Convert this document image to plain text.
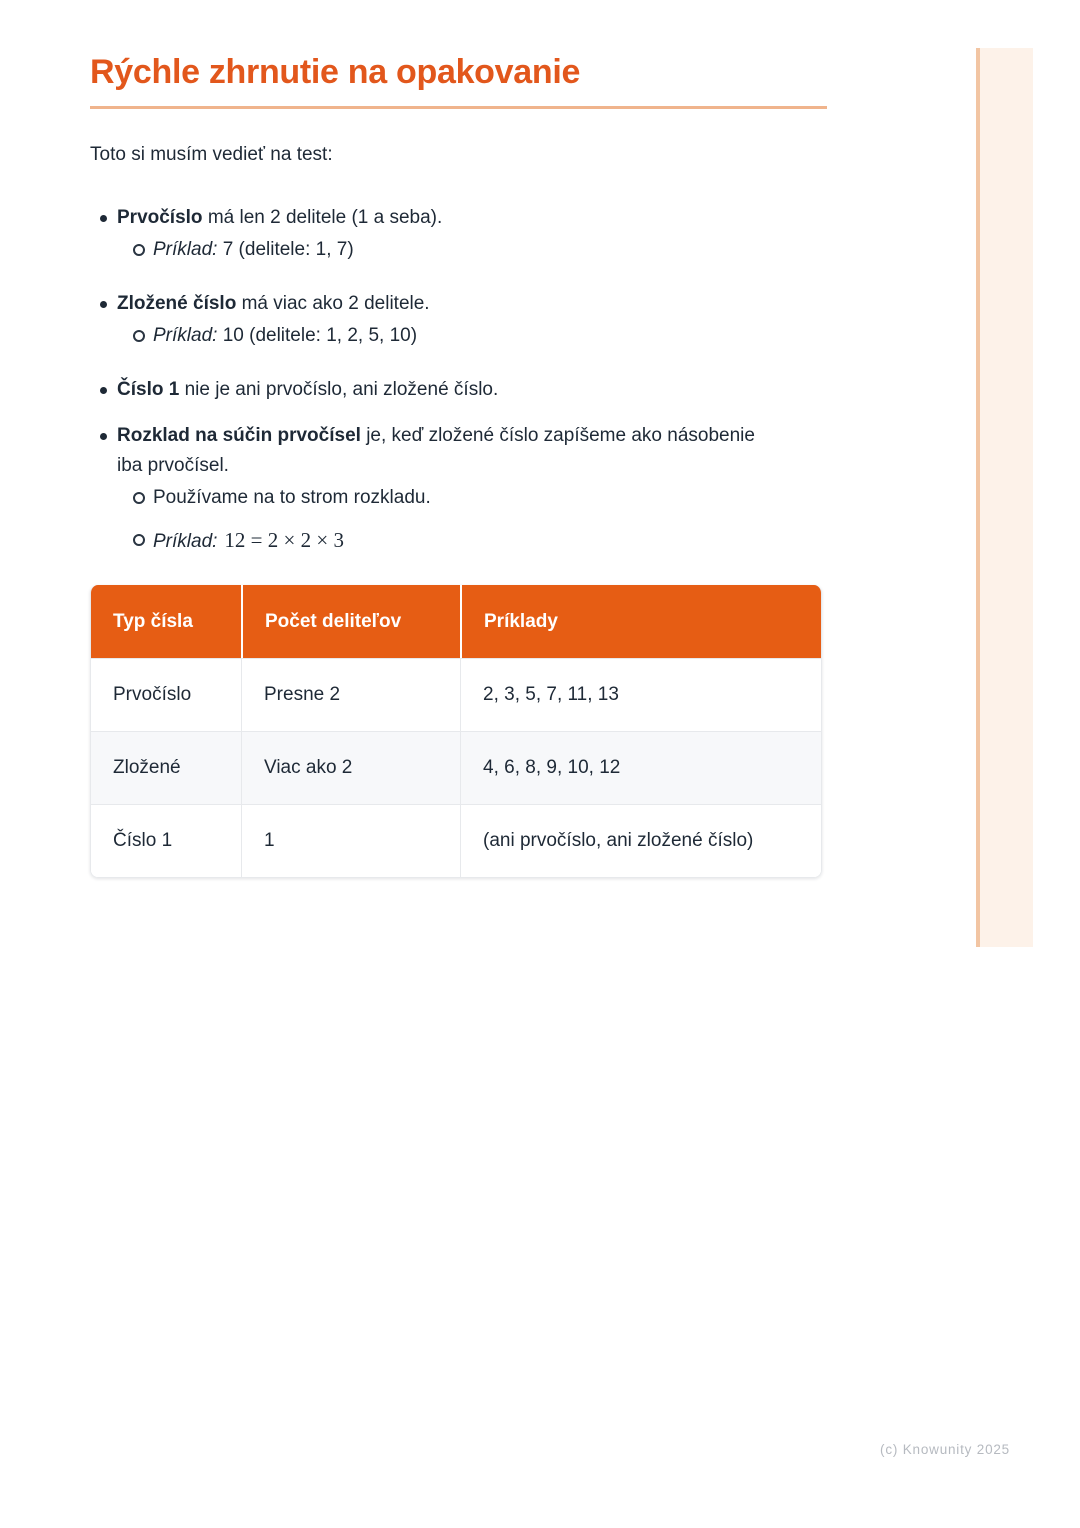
Rýchle zhrnutie na opakovanie

Toto si musím vedieť na test:

Prvočíslo má len 2 delitele (1 a seba).
Príklad: 7 (delitele: 1, 7)
Zložené číslo má viac ako 2 delitele.
Príklad: 10 (delitele: 1, 2, 5, 10)
Číslo 1 nie je ani prvočíslo, ani zložené číslo.
Rozklad na súčin prvočísel je, keď zložené číslo zapíšeme ako násobenie
iba prvočísel.
Používame na to strom rozkladu.
Príklad: 12 = 2 × 2 × 3
Typ čísla	Počet deliteľov	Príklady
Prvočíslo	Presne 2	2, 3, 5, 7, 11, 13
Zložené	Viac ako 2	4, 6, 8, 9, 10, 12
Číslo 1	1	(ani prvočíslo, ani zložené číslo)
(c) Knowunity 2025
